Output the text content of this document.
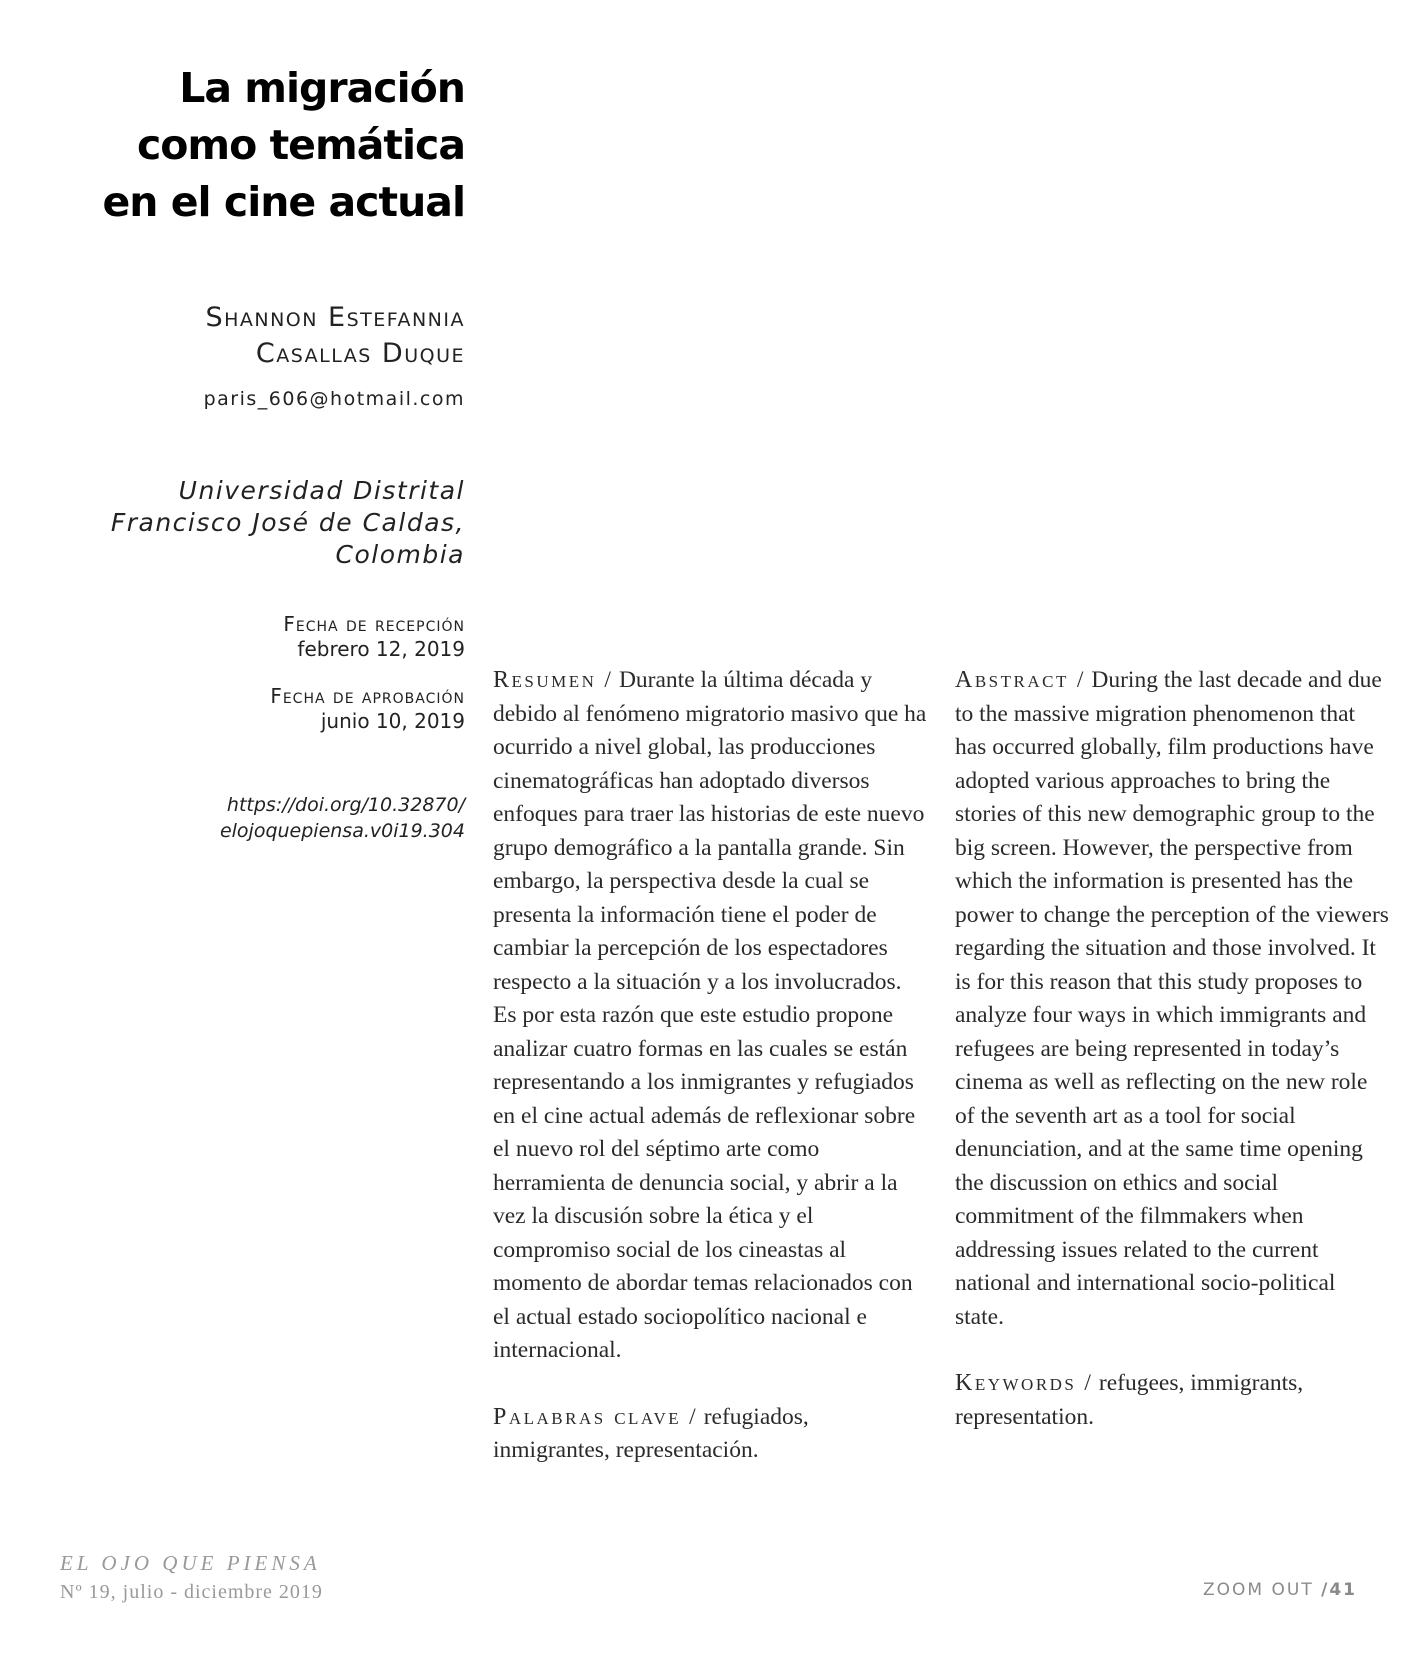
La migración
como temática
en el cine actual
Shannon Estefannia
Casallas Duque
paris_606@hotmail.com
Universidad Distrital
Francisco José de Caldas,
Colombia
Fecha de recepción
febrero 12, 2019
Fecha de aprobación
junio 10, 2019
https://doi.org/10.32870/
elojoquepiensa.v0i19.304

Resumen / Durante la última década y debido al fenómeno migratorio masivo que ha ocurrido a nivel global, las producciones cinematográficas han adoptado diversos enfoques para traer las historias de este nuevo grupo demográfico a la pantalla grande. Sin embargo, la perspectiva desde la cual se presenta la información tiene el poder de cambiar la percepción de los espectadores respecto a la situación y a los involucrados. Es por esta razón que este estudio propone analizar cuatro formas en las cuales se están representando a los inmigrantes y refugiados en el cine actual además de reflexionar sobre el nuevo rol del séptimo arte como herramienta de denuncia social, y abrir a la vez la discusión sobre la ética y el compromiso social de los cineastas al momento de abordar temas relacionados con el actual estado sociopolítico nacional e internacional.

Palabras clave / refugiados, inmigrantes, representación.

Abstract / During the last decade and due to the massive migration phenomenon that has occurred globally, film productions have adopted various approaches to bring the stories of this new demographic group to the big screen. However, the perspective from which the information is presented has the power to change the perception of the viewers regarding the situation and those involved. It is for this reason that this study proposes to analyze four ways in which immigrants and refugees are being represented in today’s cinema as well as reflecting on the new role of the seventh art as a tool for social denunciation, and at the same time opening the discussion on ethics and social commitment of the filmmakers when addressing issues related to the current national and international socio-political state.

Keywords / refugees, immigrants, representation.

EL OJO QUE PIENSA
Nº 19, julio - diciembre 2019	ZOOM OUT /41
